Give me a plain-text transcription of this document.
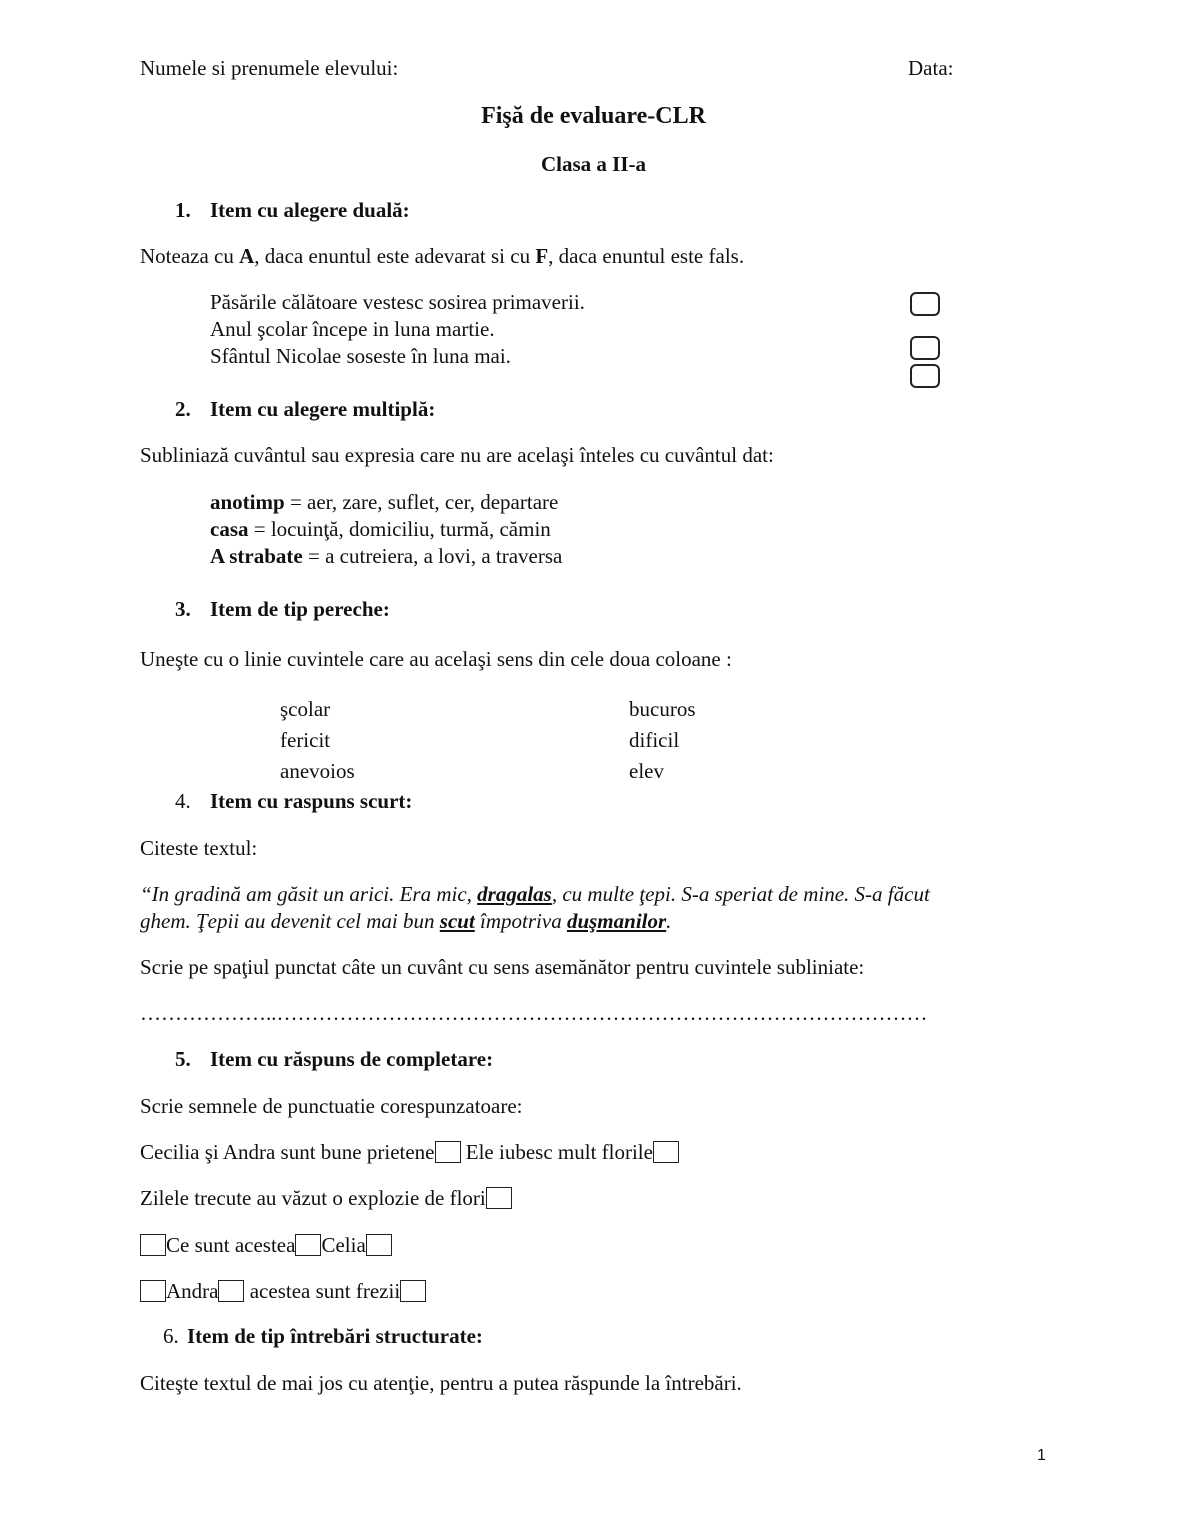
Numele si prenumele elevului:	Data:
Fişă de evaluare-CLR
Clasa a II-a
1. Item cu alegere duală:
Noteaza cu A, daca enuntul este adevarat si cu F, daca enuntul este fals.
Păsările călătoare vestesc sosirea primaverii.
Anul şcolar începe in luna martie.
Sfântul Nicolae soseste în luna mai.
2. Item cu alegere multiplă:
Subliniază cuvântul sau expresia care nu are acelaşi înteles cu cuvântul dat:
anotimp = aer, zare, suflet, cer, departare
casa = locuinţă, domiciliu, turmă, cămin
A strabate = a cutreiera, a lovi, a traversa
3. Item de tip pereche:
Uneşte cu o linie cuvintele care au acelaşi sens din cele doua coloane :
şcolar
fericit
anevoios
bucuros
dificil
elev
4. Item cu raspuns scurt:
Citeste textul:
“In gradină am găsit un arici. Era mic, dragalas, cu multe ţepi. S-a speriat de mine. S-a făcut
ghem. Ţepii au devenit cel mai bun scut împotriva duşmanilor.
Scrie pe spaţiul punctat câte un cuvânt cu sens asemănător pentru cuvintele subliniate:
………………..…………………………………………………………………………………
5. Item cu răspuns de completare:
Scrie semnele de punctuatie corespunzatoare:
Cecilia şi Andra sunt bune prietene Ele iubesc mult florile
Zilele trecute au văzut o explozie de flori
Ce sunt acestea Celia
Andra acestea sunt frezii
6. Item de tip întrebări structurate:
Citeşte textul de mai jos cu atenţie, pentru a putea răspunde la întrebări.
1
